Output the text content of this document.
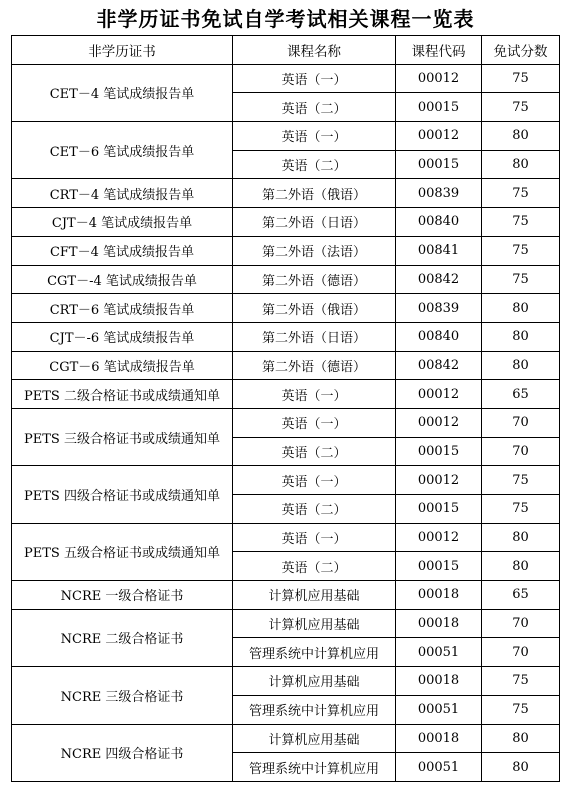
非学历证书免试自学考试相关课程一览表
非学历证书	课程名称	课程代码	免试分数
CET－4 笔试成绩报告单	英语（一）	00012	75
	英语（二）	00015	75
CET－6 笔试成绩报告单	英语（一）	00012	80
	英语（二）	00015	80
CRT－4 笔试成绩报告单	第二外语（俄语）	00839	75
CJT－4 笔试成绩报告单	第二外语（日语）	00840	75
CFT－4 笔试成绩报告单	第二外语（法语）	00841	75
CGT－-4 笔试成绩报告单	第二外语（德语）	00842	75
CRT－6 笔试成绩报告单	第二外语（俄语）	00839	80
CJT－-6 笔试成绩报告单	第二外语（日语）	00840	80
CGT－6 笔试成绩报告单	第二外语（德语）	00842	80
PETS 二级合格证书或成绩通知单	英语（一）	00012	65
PETS 三级合格证书或成绩通知单	英语（一）	00012	70
	英语（二）	00015	70
PETS 四级合格证书或成绩通知单	英语（一）	00012	75
	英语（二）	00015	75
PETS 五级合格证书或成绩通知单	英语（一）	00012	80
	英语（二）	00015	80
NCRE 一级合格证书	计算机应用基础	00018	65
NCRE 二级合格证书	计算机应用基础	00018	70
	管理系统中计算机应用	00051	70
NCRE 三级合格证书	计算机应用基础	00018	75
	管理系统中计算机应用	00051	75
NCRE 四级合格证书	计算机应用基础	00018	80
	管理系统中计算机应用	00051	80
